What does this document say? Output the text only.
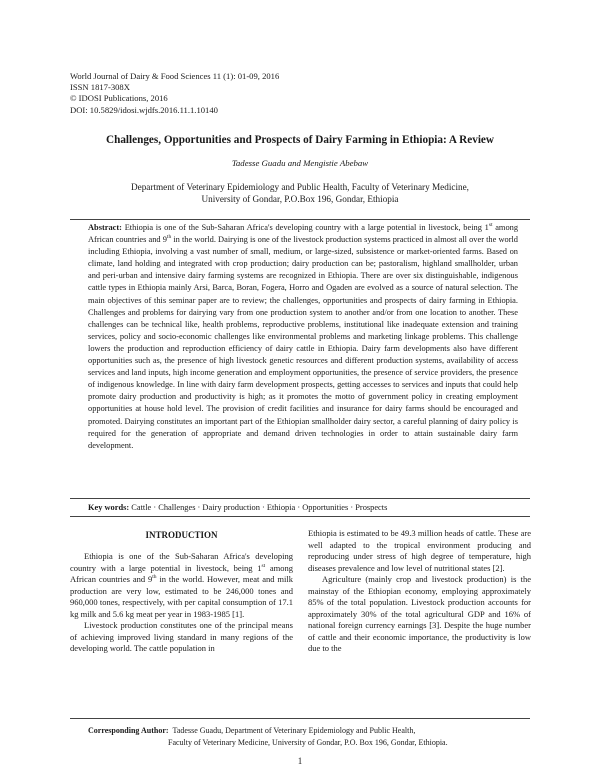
World Journal of Dairy & Food Sciences 11 (1): 01-09, 2016
ISSN 1817-308X
© IDOSI Publications, 2016
DOI: 10.5829/idosi.wjdfs.2016.11.1.10140
Challenges, Opportunities and Prospects of Dairy Farming in Ethiopia: A Review
Tadesse Guadu and Mengistie Abebaw
Department of Veterinary Epidemiology and Public Health, Faculty of Veterinary Medicine,
University of Gondar, P.O.Box 196, Gondar, Ethiopia
Abstract: Ethiopia is one of the Sub-Saharan Africa's developing country with a large potential in livestock, being 1st among African countries and 9th in the world. Dairying is one of the livestock production systems practiced in almost all over the world including Ethiopia, involving a vast number of small, medium, or large-sized, subsistence or market-oriented farms. Based on climate, land holding and integrated with crop production; dairy production can be; pastoralism, highland smallholder, urban and peri-urban and intensive dairy farming systems are recognized in Ethiopia. There are over six distinguishable, indigenous cattle types in Ethiopia mainly Arsi, Barca, Boran, Fogera, Horro and Ogaden are evolved as a source of natural selection. The main objectives of this seminar paper are to review; the challenges, opportunities and prospects of dairy farming in Ethiopia. Challenges and problems for dairying vary from one production system to another and/or from one location to another. These challenges can be technical like, health problems, reproductive problems, institutional like inadequate extension and training services, policy and socio-economic challenges like environmental problems and marketing linkage problems. This challenge lowers the production and reproduction efficiency of dairy cattle in Ethiopia. Dairy farm developments also have different opportunities such as, the presence of high livestock genetic resources and different production systems, availability of access services and land inputs, high income generation and employment opportunities, the presence of service providers, the presence of indigenous knowledge. In line with dairy farm development prospects, getting accesses to services and inputs that could help promote dairy production and productivity is high; as it promotes the motto of government policy in creating employment opportunities at house hold level. The provision of credit facilities and insurance for dairy farms should be encouraged and promoted. Dairying constitutes an important part of the Ethiopian smallholder dairy sector, a careful planning of dairy policy is required for the generation of appropriate and demand driven technologies in order to attain sustainable dairy farm development.
Key words: Cattle · Challenges · Dairy production · Ethiopia · Opportunities · Prospects
INTRODUCTION

Ethiopia is one of the Sub-Saharan Africa's developing country with a large potential in livestock, being 1st among African countries and 9th in the world. However, meat and milk production are very low, estimated to be 246,000 tones and 960,000 tones, respectively, with per capital consumption of 17.1 kg milk and 5.6 kg meat per year in 1983-1985 [1].

Livestock production constitutes one of the principal means of achieving improved living standard in many regions of the developing world. The cattle population in

Ethiopia is estimated to be 49.3 million heads of cattle. These are well adapted to the tropical environment producing and reproducing under stress of high degree of temperature, high diseases prevalence and low level of nutritional states [2].

Agriculture (mainly crop and livestock production) is the mainstay of the Ethiopian economy, employing approximately 85% of the total population. Livestock production accounts for approximately 30% of the total agricultural GDP and 16% of national foreign currency earnings [3]. Despite the huge number of cattle and their economic importance, the productivity is low due to the

Corresponding Author: Tadesse Guadu, Department of Veterinary Epidemiology and Public Health,
Faculty of Veterinary Medicine, University of Gondar, P.O. Box 196, Gondar, Ethiopia.
1
